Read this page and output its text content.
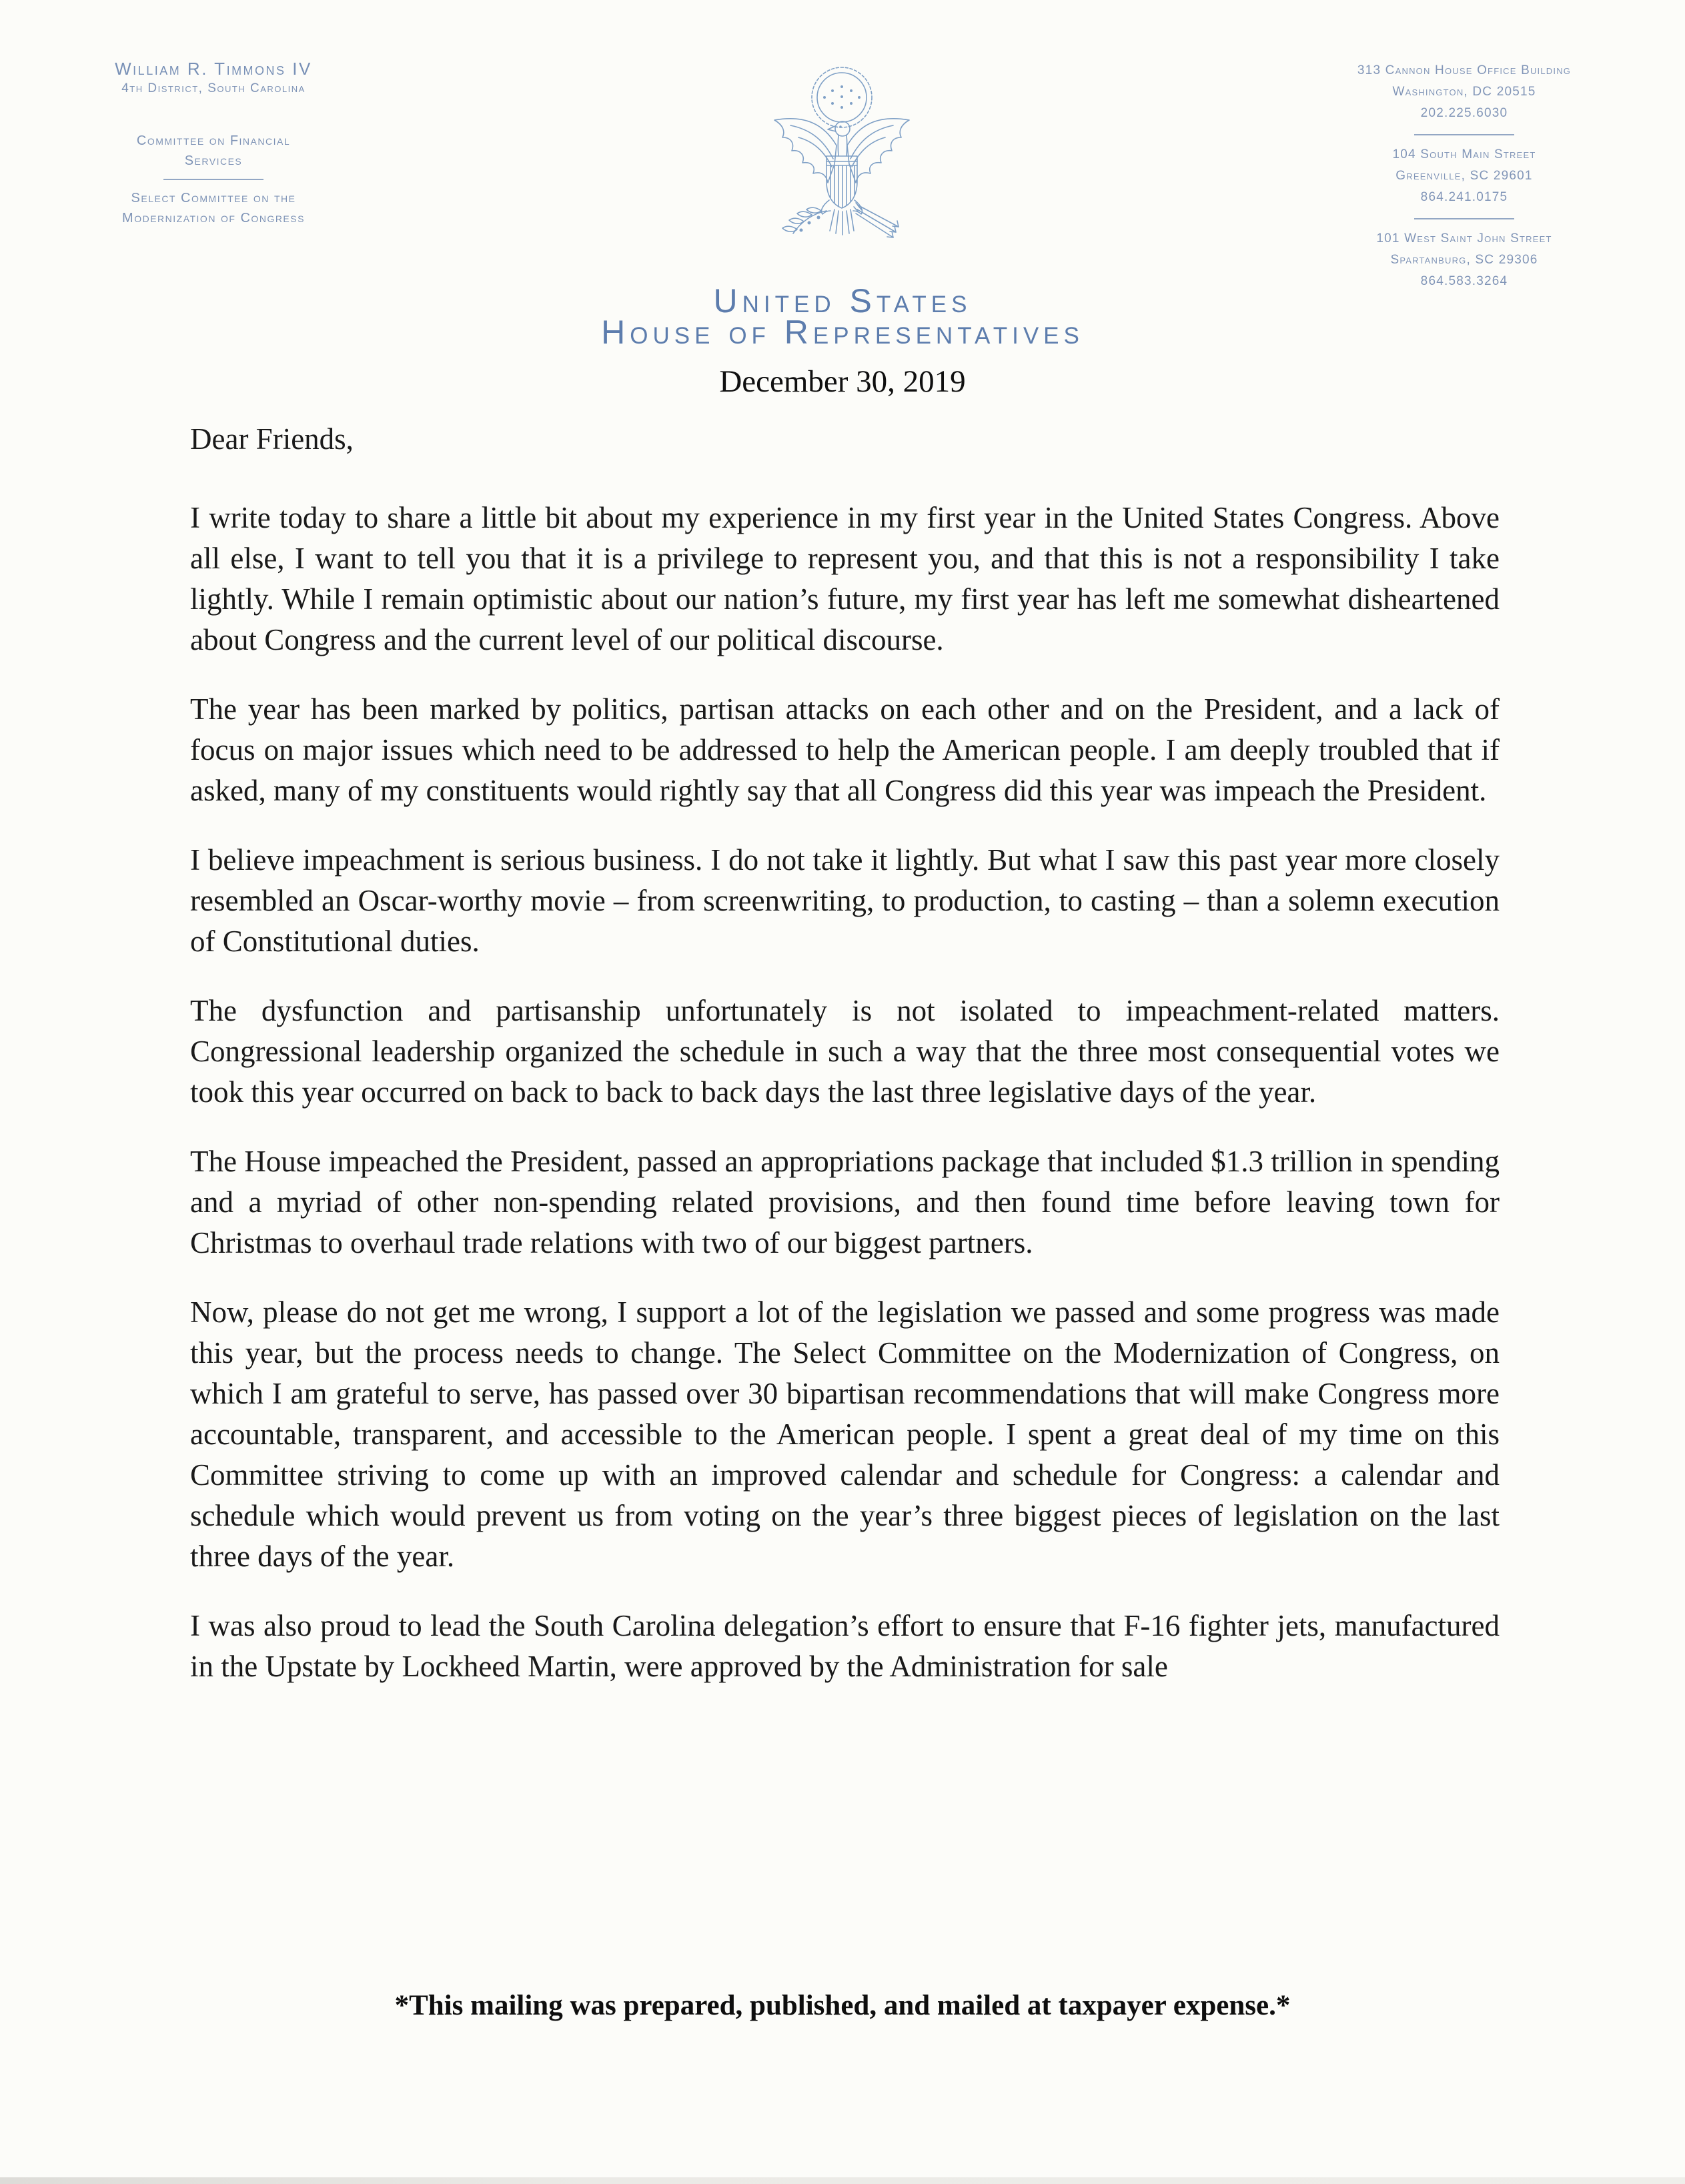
William R. Timmons IV
4th District, South Carolina
Committee on Financial
Services
Select Committee on the
Modernization of Congress
313 Cannon House Office Building
Washington, DC 20515
202.225.6030
104 South Main Street
Greenville, SC 29601
864.241.0175
101 West Saint John Street
Spartanburg, SC 29306
864.583.3264
United States
House of Representatives
December 30, 2019

Dear Friends,

I write today to share a little bit about my experience in my first year in the United States Congress. Above all else, I want to tell you that it is a privilege to represent you, and that this is not a responsibility I take lightly. While I remain optimistic about our nation’s future, my first year has left me somewhat disheartened about Congress and the current level of our political discourse.

The year has been marked by politics, partisan attacks on each other and on the President, and a lack of focus on major issues which need to be addressed to help the American people. I am deeply troubled that if asked, many of my constituents would rightly say that all Congress did this year was impeach the President.

I believe impeachment is serious business. I do not take it lightly. But what I saw this past year more closely resembled an Oscar-worthy movie – from screenwriting, to production, to casting – than a solemn execution of Constitutional duties.

The dysfunction and partisanship unfortunately is not isolated to impeachment-related matters. Congressional leadership organized the schedule in such a way that the three most consequential votes we took this year occurred on back to back to back days the last three legislative days of the year.

The House impeached the President, passed an appropriations package that included $1.3 trillion in spending and a myriad of other non-spending related provisions, and then found time before leaving town for Christmas to overhaul trade relations with two of our biggest partners.

Now, please do not get me wrong, I support a lot of the legislation we passed and some progress was made this year, but the process needs to change. The Select Committee on the Modernization of Congress, on which I am grateful to serve, has passed over 30 bipartisan recommendations that will make Congress more accountable, transparent, and accessible to the American people. I spent a great deal of my time on this Committee striving to come up with an improved calendar and schedule for Congress: a calendar and schedule which would prevent us from voting on the year’s three biggest pieces of legislation on the last three days of the year.

I was also proud to lead the South Carolina delegation’s effort to ensure that F-16 fighter jets, manufactured in the Upstate by Lockheed Martin, were approved by the Administration for sale

*This mailing was prepared, published, and mailed at taxpayer expense.*
